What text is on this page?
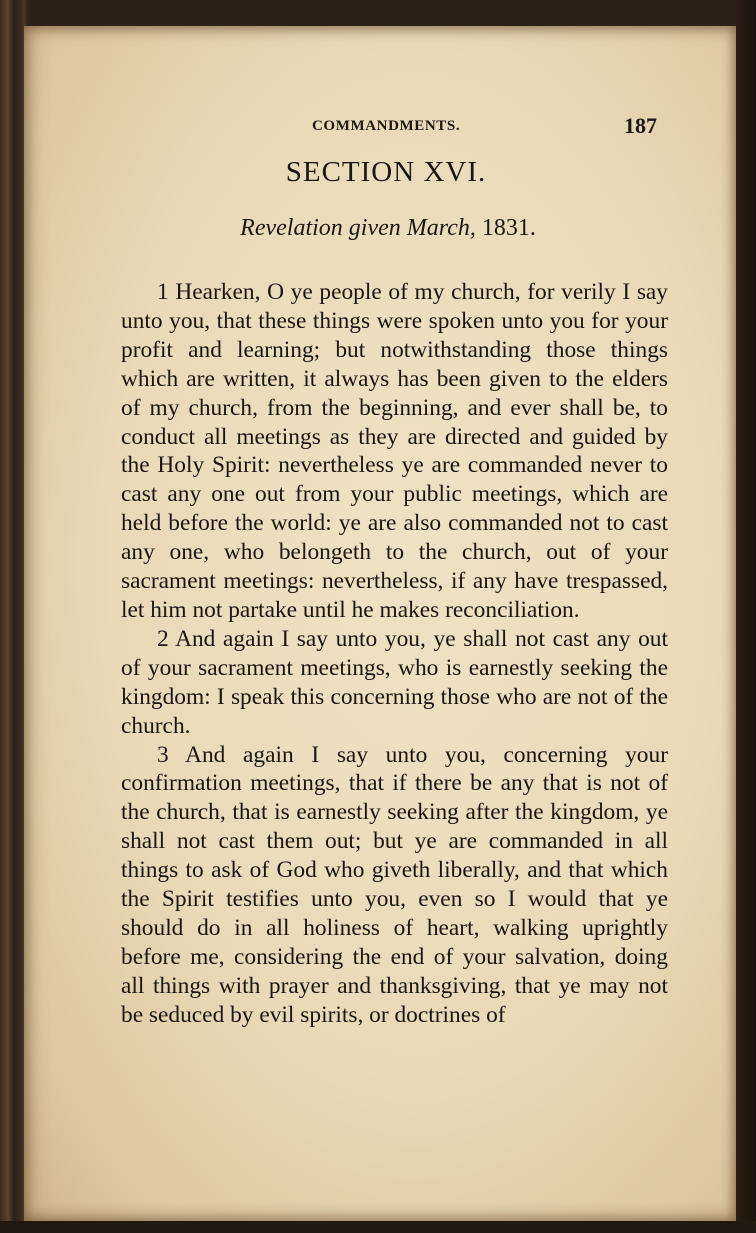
COMMANDMENTS.	187
SECTION XVI.
Revelation given March, 1831.

1 Hearken, O ye people of my church, for verily I say unto you, that these things were spoken unto you for your profit and learning; but notwithstanding those things which are written, it always has been given to the elders of my church, from the beginning, and ever shall be, to conduct all meetings as they are directed and guided by the Holy Spirit: nevertheless ye are commanded never to cast any one out from your public meetings, which are held before the world: ye are also commanded not to cast any one, who belongeth to the church, out of your sacrament meetings: nevertheless, if any have trespassed, let him not partake until he makes reconciliation.

2 And again I say unto you, ye shall not cast any out of your sacrament meetings, who is earnestly seeking the kingdom: I speak this concerning those who are not of the church.

3 And again I say unto you, concerning your confirmation meetings, that if there be any that is not of the church, that is earnestly seeking after the kingdom, ye shall not cast them out; but ye are commanded in all things to ask of God who giveth liberally, and that which the Spirit testifies unto you, even so I would that ye should do in all holiness of heart, walking uprightly before me, considering the end of your salvation, doing all things with prayer and thanksgiving, that ye may not be seduced by evil spirits, or doctrines of
